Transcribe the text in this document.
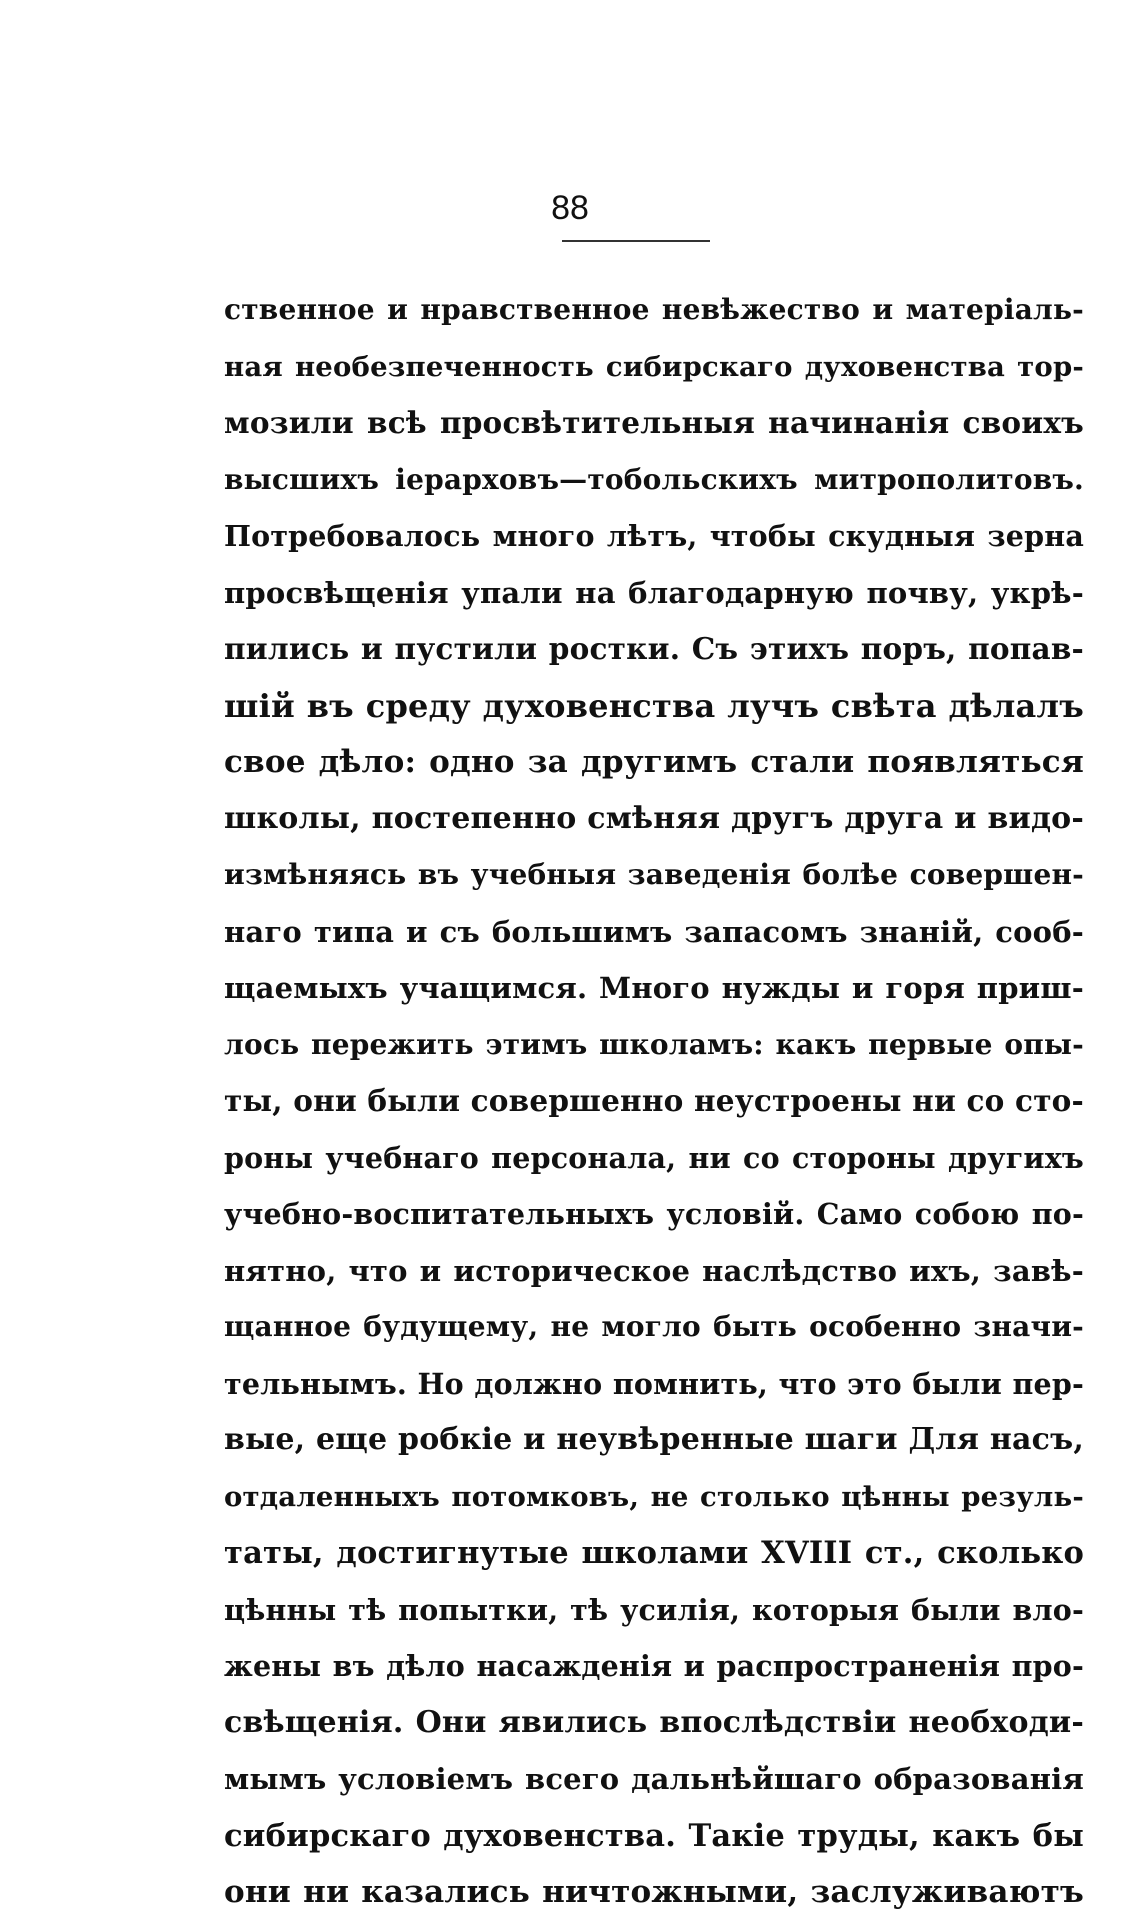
88
ственное и нравственное невѣжество и матеріаль-
ная необезпеченность сибирскаго духовенства тор-
мозили всѣ просвѣтительныя начинанія своихъ
высшихъ іерарховъ—тобольскихъ митрополитовъ.
Потребовалось много лѣтъ, чтобы скудныя зерна
просвѣщенія упали на благодарную почву, укрѣ-
пились и пустили ростки. Съ этихъ поръ, попав-
шій въ среду духовенства лучъ свѣта дѣлалъ
свое дѣло: одно за другимъ стали появляться
школы, постепенно смѣняя другъ друга и видо-
измѣняясь въ учебныя заведенія болѣе совершен-
наго типа и съ большимъ запасомъ знаній, сооб-
щаемыхъ учащимся. Много нужды и горя приш-
лось пережить этимъ школамъ: какъ первые опы-
ты, они были совершенно неустроены ни со сто-
роны учебнаго персонала, ни со стороны другихъ
учебно-воспитательныхъ условій. Само собою по-
нятно, что и историческое наслѣдство ихъ, завѣ-
щанное будущему, не могло быть особенно значи-
тельнымъ. Но должно помнить, что это были пер-
вые, еще робкіе и неувѣренные шаги Для насъ,
отдаленныхъ потомковъ, не столько цѣнны резуль-
таты, достигнутые школами XVIII ст., сколько
цѣнны тѣ попытки, тѣ усилія, которыя были вло-
жены въ дѣло насажденія и распространенія про-
свѣщенія. Они явились впослѣдствіи необходи-
мымъ условіемъ всего дальнѣйшаго образованія
сибирскаго духовенства. Такіе труды, какъ бы
они ни казались ничтожными, заслуживаютъ
